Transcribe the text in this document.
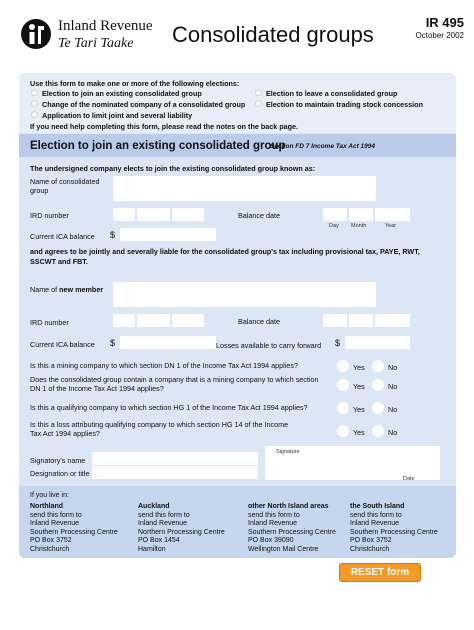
Inland Revenue
Te Tari Taake Consolidated groups	IR 495
October 2002
Use this form to make one or more of the following elections:
Election to join an existing consolidated group
Change of the nominated company of a consolidated group
Application to limit joint and several liability
Election to leave a consolidated group
Election to maintain trading stock concession
If you need help completing this form, please read the notes on the back page.
Election to join an existing consolidated group
Section FD 7 Income Tax Act 1994
The undersigned company elects to join the existing consolidated group known as:
Name of consolidated group
IRD number	Balance date
Day Month	Year
Current ICA balance $
and agrees to be jointly and severally liable for the consolidated group's tax including provisional tax, PAYE, RWT, SSCWT and FBT.
Name of new member
IRD number	Balance date
Current ICA balance $	Losses available to carry forward $
Is this a mining company to which section DN 1 of the Income Tax Act 1994 applies?	Yes	No
Does the consolidated group contain a company that is a mining company to which section DN 1 of the Income Tax Act 1994 applies?	Yes	No
Is this a qualifying company to which section HG 1 of the Income Tax Act 1994 applies?	Yes	No
Is this a loss attributing qualifying company to which section HG 14 of the Income Tax Act 1994 applies?	Yes	No
Signatory's name
Designation or title
Signature
Date
If you live in:
Northland
send this form to
Inland Revenue
Southern Processing Centre
PO Box 3752
Christchurch
Auckland
send this form to
Inland Revenue
Northern Processing Centre
PO Box 1454
Hamilton
other North Island areas
send this form to
Inland Revenue
Southern Processing Centre
PO Box 39090
Wellington Mail Centre
the South Island
send this form to
Inland Revenue
Southern Processing Centre
PO Box 3752
Christchurch
RESET form
